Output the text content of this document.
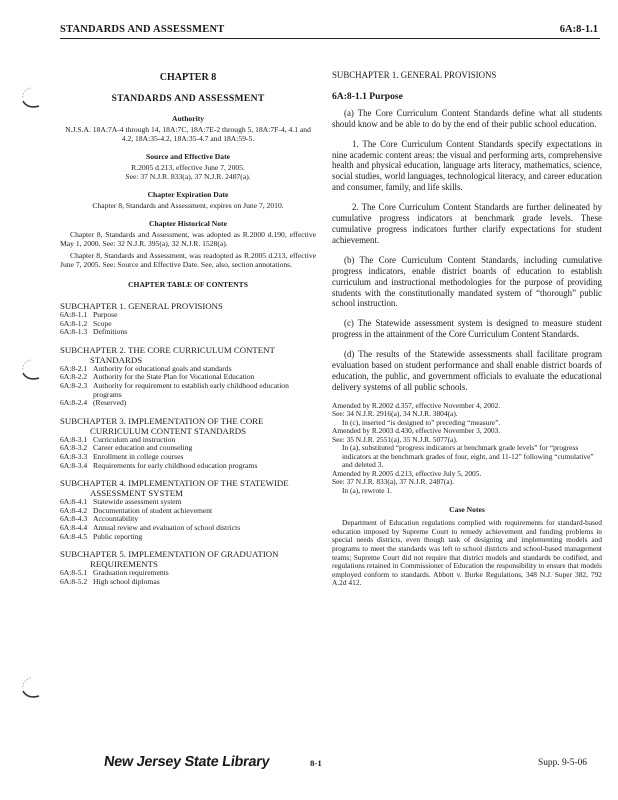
STANDARDS AND ASSESSMENT	6A:8-1.1
CHAPTER 8
STANDARDS AND ASSESSMENT
Authority

N.J.S.A. 18A:7A-4 through 14, 18A:7C, 18A:7E-2 through 5, 18A:7F-4, 4.1 and 4.2, 18A:35-4.2, 18A:35-4.7 and 18A:59-5.

Source and Effective Date

R.2005 d.213, effective June 7, 2005.

See: 37 N.J.R. 833(a), 37 N.J.R. 2487(a).

Chapter Expiration Date

Chapter 8, Standards and Assessment, expires on June 7, 2010.

Chapter Historical Note

Chapter 8, Standards and Assessment, was adopted as R.2000 d.190, effective May 1, 2000. See: 32 N.J.R. 395(a), 32 N.J.R. 1528(a).

Chapter 8, Standards and Assessment, was readopted as R.2005 d.213, effective June 7, 2005. See: Source and Effective Date. See, also, section annotations.

CHAPTER TABLE OF CONTENTS
SUBCHAPTER 1. GENERAL PROVISIONS
6A:8-1.1 Purpose
6A:8-1.2 Scope
6A:8-1.3 Definitions
SUBCHAPTER 2. THE CORE CURRICULUM CONTENT STANDARDS
6A:8-2.1 Authority for educational goals and standards
6A:8-2.2 Authority for the State Plan for Vocational Education
6A:8-2.3 Authority for requirement to establish early childhood education programs
6A:8-2.4 (Reserved)
SUBCHAPTER 3. IMPLEMENTATION OF THE CORE CURRICULUM CONTENT STANDARDS
6A:8-3.1 Curriculum and instruction
6A:8-3.2 Career education and counseling
6A:8-3.3 Enrollment in college courses
6A:8-3.4 Requirements for early childhood education programs
SUBCHAPTER 4. IMPLEMENTATION OF THE STATEWIDE ASSESSMENT SYSTEM
6A:8-4.1 Statewide assessment system
6A:8-4.2 Documentation of student achievement
6A:8-4.3 Accountability
6A:8-4.4 Annual review and evaluation of school districts
6A:8-4.5 Public reporting
SUBCHAPTER 5. IMPLEMENTATION OF GRADUATION REQUIREMENTS
6A:8-5.1 Graduation requirements
6A:8-5.2 High school diplomas
SUBCHAPTER 1. GENERAL PROVISIONS
6A:8-1.1 Purpose

(a) The Core Curriculum Content Standards define what all students should know and be able to do by the end of their public school education.

1. The Core Curriculum Content Standards specify expectations in nine academic content areas: the visual and performing arts, comprehensive health and physical education, language arts literacy, mathematics, science, social studies, world languages, technological literacy, and career education and consumer, family, and life skills.

2. The Core Curriculum Content Standards are further delineated by cumulative progress indicators at benchmark grade levels. These cumulative progress indicators further clarify expectations for student achievement.

(b) The Core Curriculum Content Standards, including cumulative progress indicators, enable district boards of education to establish curriculum and instructional methodologies for the purpose of providing students with the constitutionally mandated system of “thorough” public school instruction.

(c) The Statewide assessment system is designed to measure student progress in the attainment of the Core Curriculum Content Standards.

(d) The results of the Statewide assessments shall facilitate program evaluation based on student performance and shall enable district boards of education, the public, and government officials to evaluate the educational delivery systems of all public schools.

Amended by R.2002 d.357, effective November 4, 2002.
See: 34 N.J.R. 2916(a), 34 N.J.R. 3804(a).
In (c), inserted “is designed to” preceding “measure”.
Amended by R.2003 d.430, effective November 3, 2003.
See: 35 N.J.R. 2551(a), 35 N.J.R. 5077(a).
In (a), substituted “progress indicators at benchmark grade levels” for “progress indicators at the benchmark grades of four, eight, and 11-12” following “cumulative” and deleted 3.
Amended by R.2005 d.213, effective July 5, 2005.
See: 37 N.J.R. 833(a), 37 N.J.R. 2487(a).
In (a), rewrote 1.
Case Notes

Department of Education regulations complied with requirements for standard-based education imposed by Supreme Court to remedy achievement and funding problems in special needs districts, even though task of designing and implementing models and programs to meet the standards was left to school districts and school-based management teams; Supreme Court did not require that district models and standards be codified, and regulations retained in Commissioner of Education the responsibility to ensure that models employed conform to standards. Abbott v. Burke Regulations, 348 N.J. Super 382, 792 A.2d 412.

New Jersey State Library	8-1	Supp. 9-5-06
